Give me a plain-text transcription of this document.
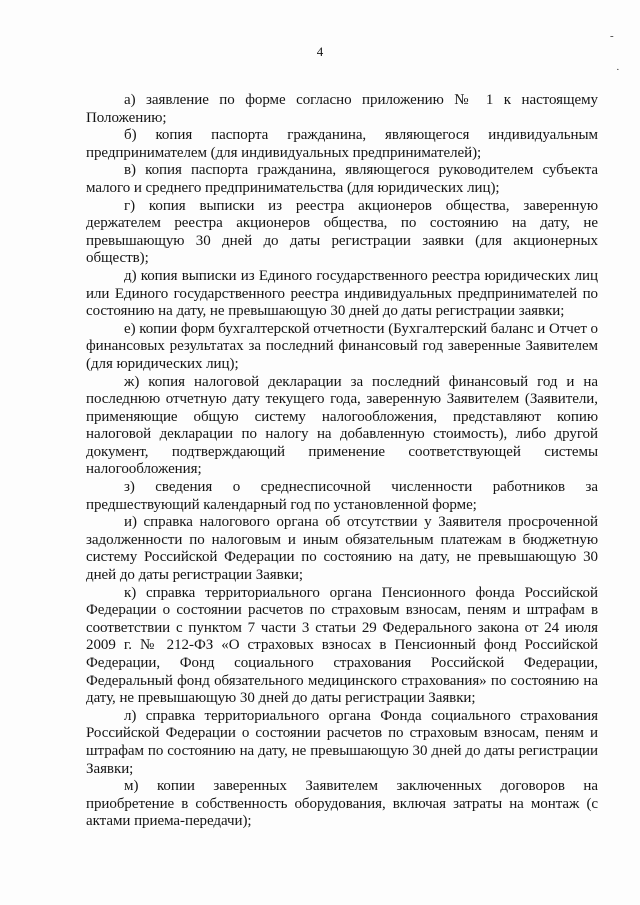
4
-
·

а) заявление по форме согласно приложению № 1 к настоящему Положению;

б) копия паспорта гражданина, являющегося индивидуальным предпринимателем (для индивидуальных предпринимателей);

в) копия паспорта гражданина, являющегося руководителем субъекта малого и среднего предпринимательства (для юридических лиц);

г) копия выписки из реестра акционеров общества, заверенную держателем реестра акционеров общества, по состоянию на дату, не превышающую 30 дней до даты регистрации заявки (для акционерных обществ);

д) копия выписки из Единого государственного реестра юридических лиц или Единого государственного реестра индивидуальных предпринимателей по состоянию на дату, не превышающую 30 дней до даты регистрации заявки;

е) копии форм бухгалтерской отчетности (Бухгалтерский баланс и Отчет о финансовых результатах за последний финансовый год заверенные Заявителем (для юридических лиц);

ж) копия налоговой декларации за последний финансовый год и на последнюю отчетную дату текущего года, заверенную Заявителем (Заявители, применяющие общую систему налогообложения, представляют копию налоговой декларации по налогу на добавленную стоимость), либо другой документ, подтверждающий применение соответствующей системы налогообложения;

з) сведения о среднесписочной численности работников за предшествующий календарный год по установленной форме;

и) справка налогового органа об отсутствии у Заявителя просроченной задолженности по налоговым и иным обязательным платежам в бюджетную систему Российской Федерации по состоянию на дату, не превышающую 30 дней до даты регистрации Заявки;

к) справка территориального органа Пенсионного фонда Российской Федерации о состоянии расчетов по страховым взносам, пеням и штрафам в соответствии с пунктом 7 части 3 статьи 29 Федерального закона от 24 июля 2009 г. № 212-ФЗ «О страховых взносах в Пенсионный фонд Российской Федерации, Фонд социального страхования Российской Федерации, Федеральный фонд обязательного медицинского страхования» по состоянию на дату, не превышающую 30 дней до даты регистрации Заявки;

л) справка территориального органа Фонда социального страхования Российской Федерации о состоянии расчетов по страховым взносам, пеням и штрафам по состоянию на дату, не превышающую 30 дней до даты регистрации Заявки;

м) копии заверенных Заявителем заключенных договоров на приобретение в собственность оборудования, включая затраты на монтаж (с актами приема-передачи);
